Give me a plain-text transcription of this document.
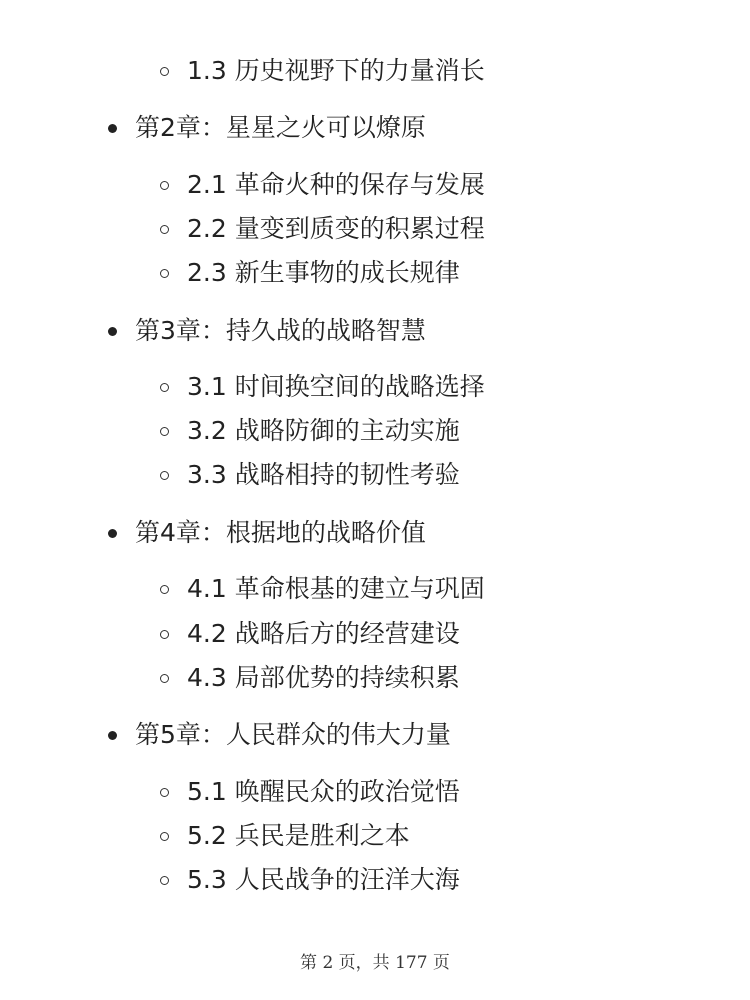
1.3 历史视野下的力量消长
第2章：星星之火可以燎原
2.1 革命火种的保存与发展
2.2 量变到质变的积累过程
2.3 新生事物的成长规律
第3章：持久战的战略智慧
3.1 时间换空间的战略选择
3.2 战略防御的主动实施
3.3 战略相持的韧性考验
第4章：根据地的战略价值
4.1 革命根基的建立与巩固
4.2 战略后方的经营建设
4.3 局部优势的持续积累
第5章：人民群众的伟大力量
5.1 唤醒民众的政治觉悟
5.2 兵民是胜利之本
5.3 人民战争的汪洋大海
第 2 页，共 177 页
